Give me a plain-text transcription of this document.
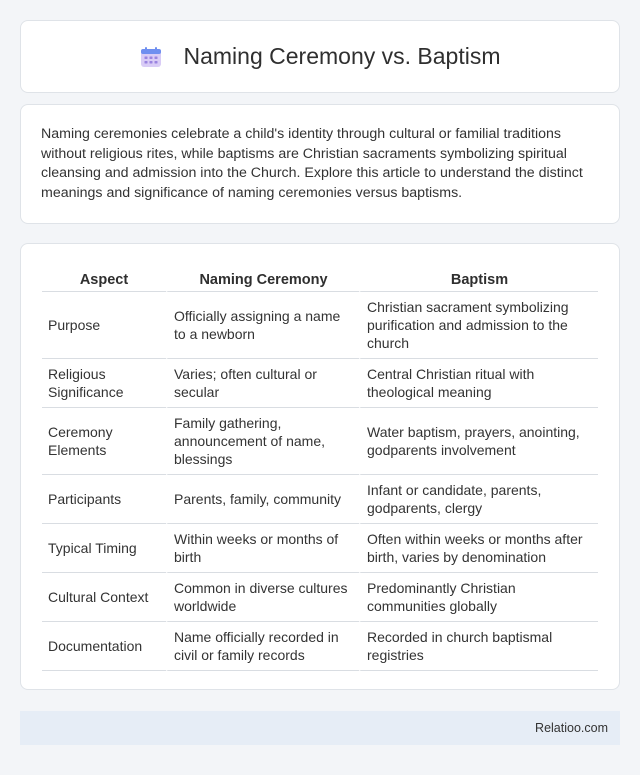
Naming Ceremony vs. Baptism

Naming ceremonies celebrate a child's identity through cultural or familial traditions without religious rites, while baptisms are Christian sacraments symbolizing spiritual cleansing and admission into the Church. Explore this article to understand the distinct meanings and significance of naming ceremonies versus baptisms.

Aspect	Naming Ceremony	Baptism
Purpose	Officially assigning a name to a newborn	Christian sacrament symbolizing purification and admission to the church
Religious Significance	Varies; often cultural or secular	Central Christian ritual with theological meaning
Ceremony Elements	Family gathering, announcement of name, blessings	Water baptism, prayers, anointing, godparents involvement
Participants	Parents, family, community	Infant or candidate, parents, godparents, clergy
Typical Timing	Within weeks or months of birth	Often within weeks or months after birth, varies by denomination
Cultural Context	Common in diverse cultures worldwide	Predominantly Christian communities globally
Documentation	Name officially recorded in civil or family records	Recorded in church baptismal registries
Relatioo.com
